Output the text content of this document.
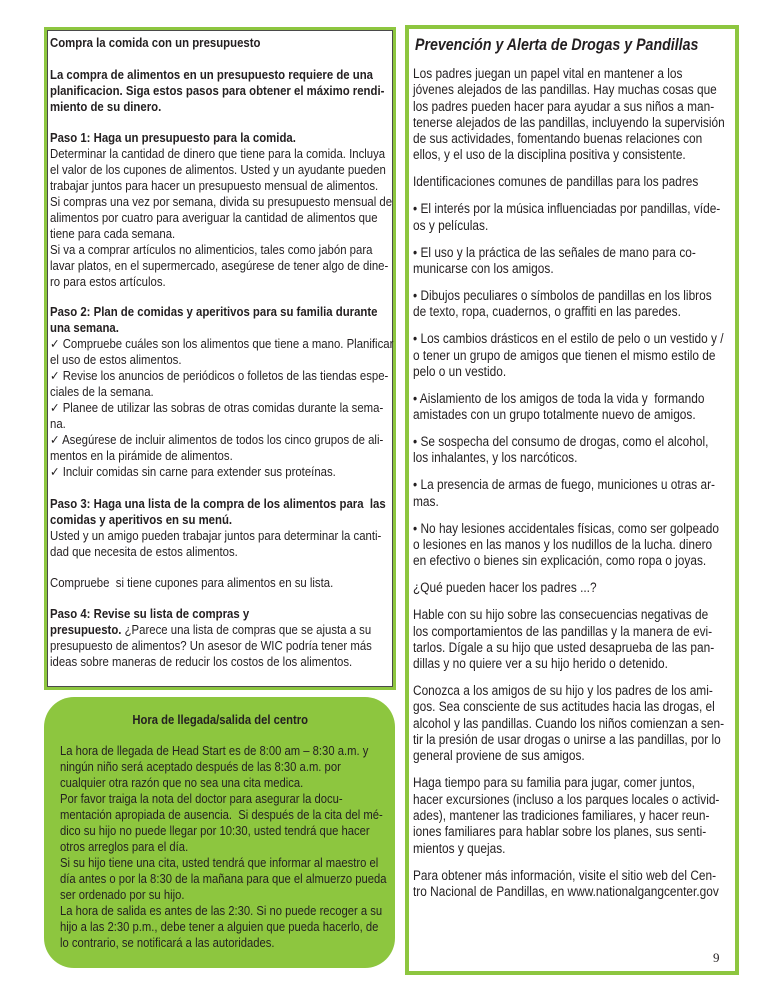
Compra la comida con un presupuesto
La compra de alimentos en un presupuesto requiere de una
planificacion. Siga estos pasos para obtener el máximo rendi-
miento de su dinero.
Paso 1: Haga un presupuesto para la comida.
Determinar la cantidad de dinero que tiene para la comida. Incluya
el valor de los cupones de alimentos. Usted y un ayudante pueden
trabajar juntos para hacer un presupuesto mensual de alimentos.
Si compras una vez por semana, divida su presupuesto mensual de
alimentos por cuatro para averiguar la cantidad de alimentos que
tiene para cada semana.
Si va a comprar artículos no alimenticios, tales como jabón para
lavar platos, en el supermercado, asegúrese de tener algo de dine-
ro para estos artículos.
Paso 2: Plan de comidas y aperitivos para su familia durante
una semana.
✓ Compruebe cuáles son los alimentos que tiene a mano. Planificar
el uso de estos alimentos.
✓ Revise los anuncios de periódicos o folletos de las tiendas espe-
ciales de la semana.
✓ Planee de utilizar las sobras de otras comidas durante la sema-
na.
✓ Asegúrese de incluir alimentos de todos los cinco grupos de ali-
mentos en la pirámide de alimentos.
✓ Incluir comidas sin carne para extender sus proteínas.
Paso 3: Haga una lista de la compra de los alimentos para  las
comidas y aperitivos en su menú.
Usted y un amigo pueden trabajar juntos para determinar la canti-
dad que necesita de estos alimentos.
Compruebe  si tiene cupones para alimentos en su lista.
Paso 4: Revise su lista de compras y
presupuesto. ¿Parece una lista de compras que se ajusta a su
presupuesto de alimentos? Un asesor de WIC podría tener más
ideas sobre maneras de reducir los costos de los alimentos.
Hora de llegada/salida del centro
La hora de llegada de Head Start es de 8:00 am – 8:30 a.m. y
ningún niño será aceptado después de las 8:30 a.m. por
cualquier otra razón que no sea una cita medica.
Por favor traiga la nota del doctor para asegurar la docu-
mentación apropiada de ausencia.  Si después de la cita del mé-
dico su hijo no puede llegar por 10:30, usted tendrá que hacer
otros arreglos para el día.
Si su hijo tiene una cita, usted tendrá que informar al maestro el
día antes o por la 8:30 de la mañana para que el almuerzo pueda
ser ordenado por su hijo.
La hora de salida es antes de las 2:30. Si no puede recoger a su
hijo a las 2:30 p.m., debe tener a alguien que pueda hacerlo, de
lo contrario, se notificará a las autoridades.
Prevención y Alerta de Drogas y Pandillas
Los padres juegan un papel vital en mantener a los
jóvenes alejados de las pandillas. Hay muchas cosas que
los padres pueden hacer para ayudar a sus niños a man-
tenerse alejados de las pandillas, incluyendo la supervisión
de sus actividades, fomentando buenas relaciones con
ellos, y el uso de la disciplina positiva y consistente.
Identificaciones comunes de pandillas para los padres
• El interés por la música influenciadas por pandillas, víde-
os y películas.
• El uso y la práctica de las señales de mano para co-
municarse con los amigos.
• Dibujos peculiares o símbolos de pandillas en los libros
de texto, ropa, cuadernos, o graffiti en las paredes.
• Los cambios drásticos en el estilo de pelo o un vestido y /
o tener un grupo de amigos que tienen el mismo estilo de
pelo o un vestido.
• Aislamiento de los amigos de toda la vida y  formando
amistades con un grupo totalmente nuevo de amigos.
• Se sospecha del consumo de drogas, como el alcohol,
los inhalantes, y los narcóticos.
• La presencia de armas de fuego, municiones u otras ar-
mas.
• No hay lesiones accidentales físicas, como ser golpeado
o lesiones en las manos y los nudillos de la lucha. dinero
en efectivo o bienes sin explicación, como ropa o joyas.
¿Qué pueden hacer los padres ...?
Hable con su hijo sobre las consecuencias negativas de
los comportamientos de las pandillas y la manera de evi-
tarlos. Dígale a su hijo que usted desaprueba de las pan-
dillas y no quiere ver a su hijo herido o detenido.
Conozca a los amigos de su hijo y los padres de los ami-
gos. Sea consciente de sus actitudes hacia las drogas, el
alcohol y las pandillas. Cuando los niños comienzan a sen-
tir la presión de usar drogas o unirse a las pandillas, por lo
general proviene de sus amigos.
Haga tiempo para su familia para jugar, comer juntos,
hacer excursiones (incluso a los parques locales o activid-
ades), mantener las tradiciones familiares, y hacer reun-
iones familiares para hablar sobre los planes, sus senti-
mientos y quejas.
Para obtener más información, visite el sitio web del Cen-
tro Nacional de Pandillas, en www.nationalgangcenter.gov
9
